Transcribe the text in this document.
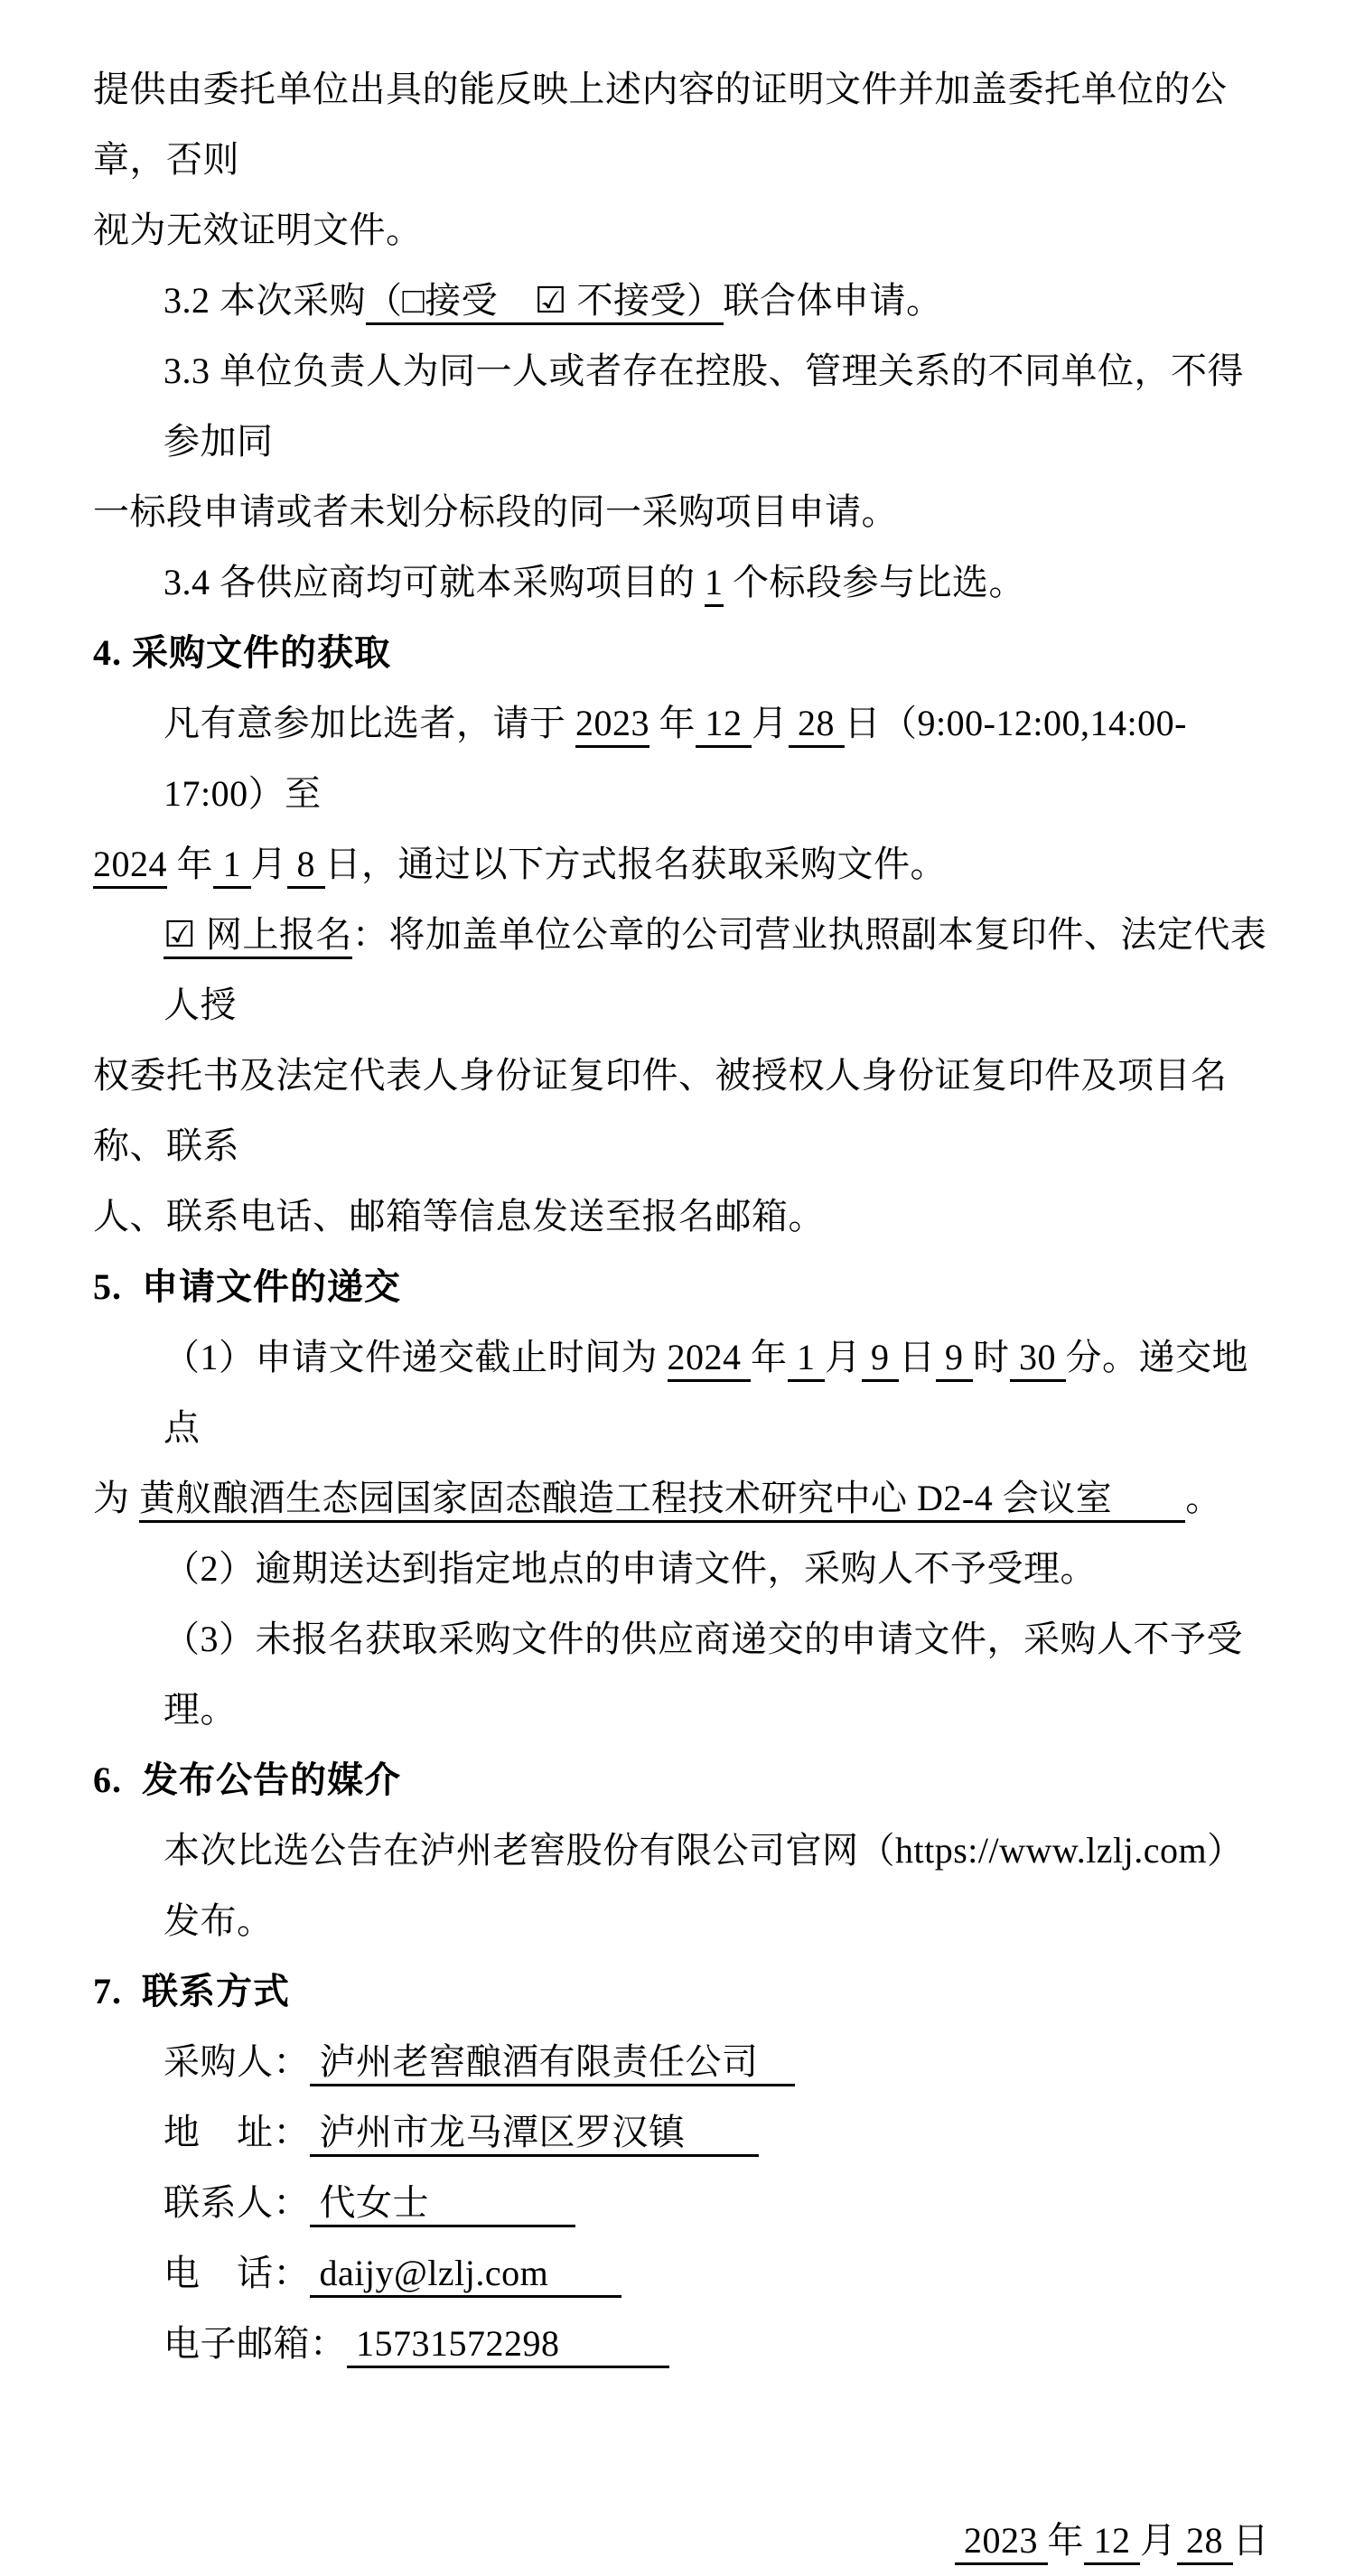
提供由委托单位出具的能反映上述内容的证明文件并加盖委托单位的公章，否则

视为无效证明文件。

3.2 本次采购（□接受　☑ 不接受）联合体申请。

3.3 单位负责人为同一人或者存在控股、管理关系的不同单位，不得参加同

一标段申请或者未划分标段的同一采购项目申请。

3.4 各供应商均可就本采购项目的 1 个标段参与比选。

4. 采购文件的获取

凡有意参加比选者，请于 2023 年 12 月 28 日（9:00-12:00,14:00-17:00）至

2024 年 1 月 8 日，通过以下方式报名获取采购文件。

☑ 网上报名：将加盖单位公章的公司营业执照副本复印件、法定代表人授

权委托书及法定代表人身份证复印件、被授权人身份证复印件及项目名称、联系

人、联系电话、邮箱等信息发送至报名邮箱。

5.  申请文件的递交

（1）申请文件递交截止时间为 2024 年 1 月 9 日 9 时 30 分。递交地点

为 黄舣酿酒生态园国家固态酿造工程技术研究中心 D2-4 会议室　　。

（2）逾期送达到指定地点的申请文件，采购人不予受理。

（3）未报名获取采购文件的供应商递交的申请文件，采购人不予受理。

6.  发布公告的媒介

本次比选公告在泸州老窖股份有限公司官网（https://www.lzlj.com）发布。

7.  联系方式

采购人： 泸州老窖酿酒有限责任公司　

地　址： 泸州市龙马潭区罗汉镇　　

联系人： 代女士　　　　

电　话： daijy@lzlj.com　　

电子邮箱： 15731572298　　　

2023 年 12 月 28 日
